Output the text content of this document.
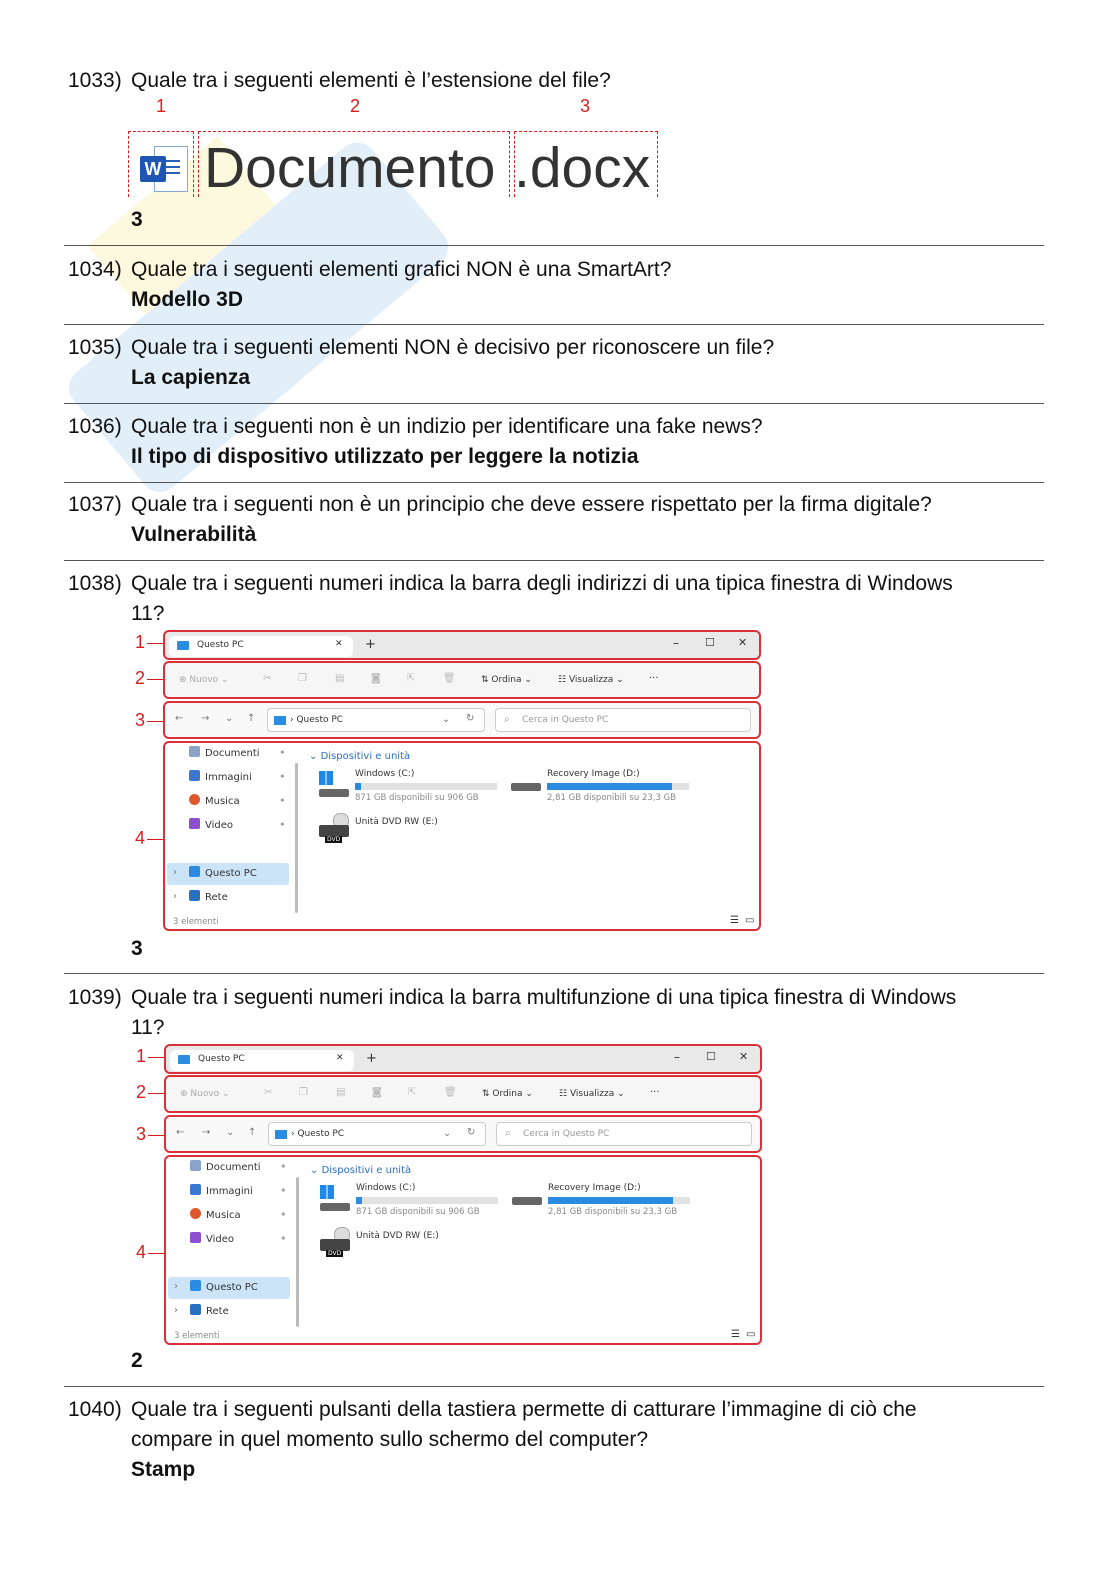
1033) Quale tra i seguenti elementi è l’estensione del file?
1	2	3
W Documento .docx
3
1034) Quale tra i seguenti elementi grafici NON è una SmartArt?
Modello 3D
1035) Quale tra i seguenti elementi NON è decisivo per riconoscere un file?
La capienza
1036) Quale tra i seguenti non è un indizio per identificare una fake news?
Il tipo di dispositivo utilizzato per leggere la notizia
1037) Quale tra i seguenti non è un principio che deve essere rispettato per la firma digitale?
Vulnerabilità
1038) Quale tra i seguenti numeri indica la barra degli indirizzi di una tipica finestra di Windows
11?
1
2
3
4
Questo PC	✕ +	– ☐ ✕
⊕ Nuovo ⌄	✂	❐	▤	◙	⇱	🗑	⇅ Ordina ⌄	☷ Visualizza ⌄	···
← → ⌄ ↑	› Questo PC	⌄ ↻	⌕ Cerca in Questo PC
Documenti
Immagini
Musica
Video
✦
✦
✦
✦
›	Questo PC
›	Rete
3 elementi	☰ ▭
⌄ Dispositivi e unità
Windows (C:)
871 GB disponibili su 906 GB
Recovery Image (D:)
2,81 GB disponibili su 23,3 GB
DVD
Unità DVD RW (E:)
3
1039) Quale tra i seguenti numeri indica la barra multifunzione di una tipica finestra di Windows
11?
1
2
3
4
Questo PC	✕ +	– ☐ ✕
⊕ Nuovo ⌄	✂	❐	▤	◙	⇱	🗑	⇅ Ordina ⌄	☷ Visualizza ⌄	···
← → ⌄ ↑	› Questo PC	⌄ ↻	⌕ Cerca in Questo PC
Documenti
Immagini
Musica
Video
✦
✦
✦
✦
›	Questo PC
›	Rete
3 elementi	☰ ▭
⌄ Dispositivi e unità
Windows (C:)
871 GB disponibili su 906 GB
Recovery Image (D:)
2,81 GB disponibili su 23,3 GB
DVD
Unità DVD RW (E:)
2
1040) Quale tra i seguenti pulsanti della tastiera permette di catturare l’immagine di ciò che
compare in quel momento sullo schermo del computer?
Stamp
